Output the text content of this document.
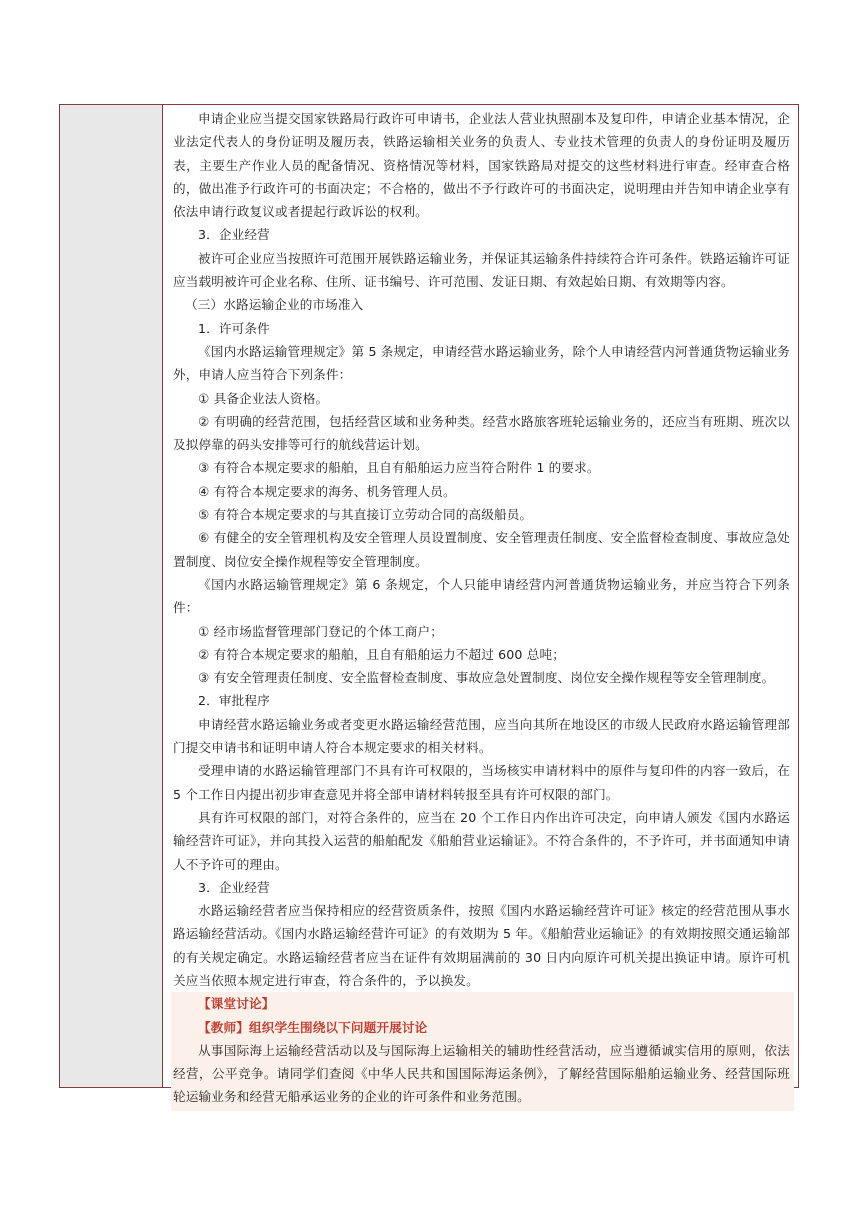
申请企业应当提交国家铁路局行政许可申请书，企业法人营业执照副本及复印件，申请企业基本情况，企业法定代表人的身份证明及履历表，铁路运输相关业务的负责人、专业技术管理的负责人的身份证明及履历表，主要生产作业人员的配备情况、资格情况等材料，国家铁路局对提交的这些材料进行审查。经审查合格的，做出准予行政许可的书面决定；不合格的，做出不予行政许可的书面决定，说明理由并告知申请企业享有依法申请行政复议或者提起行政诉讼的权利。

3．企业经营

被许可企业应当按照许可范围开展铁路运输业务，并保证其运输条件持续符合许可条件。铁路运输许可证应当载明被许可企业名称、住所、证书编号、许可范围、发证日期、有效起始日期、有效期等内容。

（三）水路运输企业的市场准入

1．许可条件

《国内水路运输管理规定》第 5 条规定，申请经营水路运输业务，除个人申请经营内河普通货物运输业务外，申请人应当符合下列条件：

① 具备企业法人资格。

② 有明确的经营范围，包括经营区域和业务种类。经营水路旅客班轮运输业务的，还应当有班期、班次以及拟停靠的码头安排等可行的航线营运计划。

③ 有符合本规定要求的船舶，且自有船舶运力应当符合附件 1 的要求。

④ 有符合本规定要求的海务、机务管理人员。

⑤ 有符合本规定要求的与其直接订立劳动合同的高级船员。

⑥ 有健全的安全管理机构及安全管理人员设置制度、安全管理责任制度、安全监督检查制度、事故应急处置制度、岗位安全操作规程等安全管理制度。

《国内水路运输管理规定》第 6 条规定，个人只能申请经营内河普通货物运输业务，并应当符合下列条件：

① 经市场监督管理部门登记的个体工商户；

② 有符合本规定要求的船舶，且自有船舶运力不超过 600 总吨；

③ 有安全管理责任制度、安全监督检查制度、事故应急处置制度、岗位安全操作规程等安全管理制度。

2．审批程序

申请经营水路运输业务或者变更水路运输经营范围，应当向其所在地设区的市级人民政府水路运输管理部门提交申请书和证明申请人符合本规定要求的相关材料。

受理申请的水路运输管理部门不具有许可权限的，当场核实申请材料中的原件与复印件的内容一致后，在 5 个工作日内提出初步审查意见并将全部申请材料转报至具有许可权限的部门。

具有许可权限的部门，对符合条件的，应当在 20 个工作日内作出许可决定，向申请人颁发《国内水路运输经营许可证》，并向其投入运营的船舶配发《船舶营业运输证》。不符合条件的，不予许可，并书面通知申请人不予许可的理由。

3．企业经营

水路运输经营者应当保持相应的经营资质条件，按照《国内水路运输经营许可证》核定的经营范围从事水路运输经营活动。《国内水路运输经营许可证》的有效期为 5 年。《船舶营业运输证》的有效期按照交通运输部的有关规定确定。水路运输经营者应当在证件有效期届满前的 30 日内向原许可机关提出换证申请。原许可机关应当依照本规定进行审查，符合条件的，予以换发。

【课堂讨论】

【教师】组织学生围绕以下问题开展讨论

从事国际海上运输经营活动以及与国际海上运输相关的辅助性经营活动，应当遵循诚实信用的原则，依法经营，公平竞争。请同学们查阅《中华人民共和国国际海运条例》，了解经营国际船舶运输业务、经营国际班轮运输业务和经营无船承运业务的企业的许可条件和业务范围。
